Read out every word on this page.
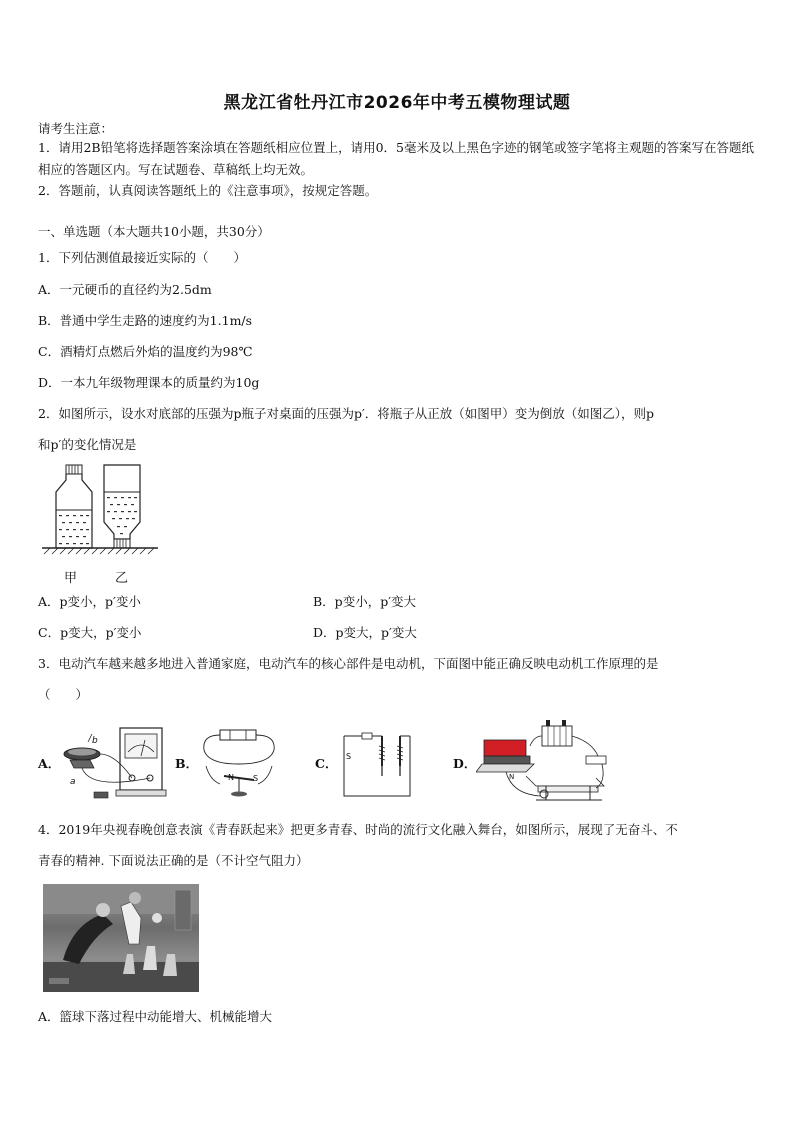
黑龙江省牡丹江市2026年中考五模物理试题
请考生注意：
1．请用2B铅笔将选择题答案涂填在答题纸相应位置上，请用0．5毫米及以上黑色字迹的钢笔或签字笔将主观题的答案写在答题纸相应的答题区内。写在试题卷、草稿纸上均无效。
2．答题前，认真阅读答题纸上的《注意事项》，按规定答题。
一、单选题（本大题共10小题，共30分）
1．下列估测值最接近实际的（　　）
A．一元硬币的直径约为2.5dm
B．普通中学生走路的速度约为1.1m/s
C．酒精灯点燃后外焰的温度约为98℃
D．一本九年级物理课本的质量约为10g
2．如图所示，设水对底部的压强为p瓶子对桌面的压强为p′．将瓶子从正放（如图甲）变为倒放（如图乙），则p
和p′的变化情况是
甲	乙
A．p变小，p′变小	B．p变小，p′变大
C．p变大，p′变小	D．p变大，p′变大
3．电动汽车越来越多地进入普通家庭，电动汽车的核心部件是电动机，下面图中能正确反映电动机工作原理的是
（　　）
A．
b
a
B．
N S
C． S	D．
N
4．2019年央视春晚创意表演《青春跃起来》把更多青春、时尚的流行文化融入舞台，如图所示，展现了无奋斗、不
青春的精神. 下面说法正确的是（不计空气阻力）
A．篮球下落过程中动能增大、机械能增大
